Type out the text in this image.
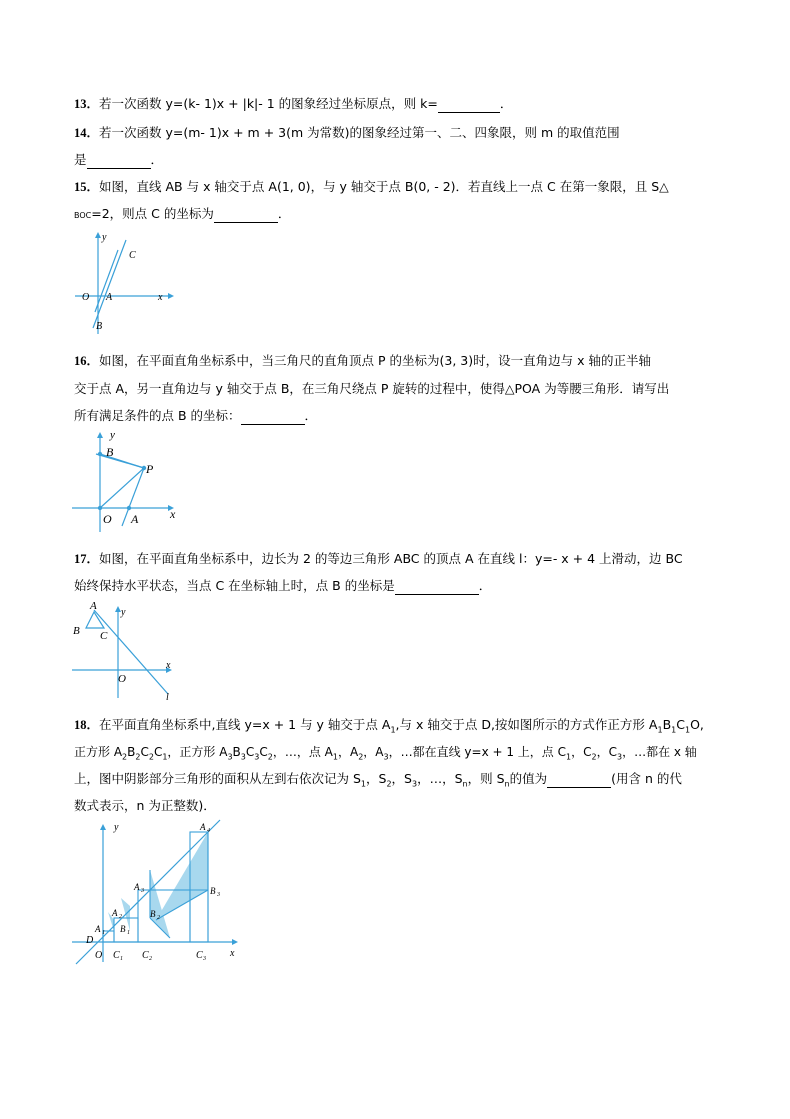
13．若一次函数 y=(k- 1)x + |k|- 1 的图象经过坐标原点，则 k=	．
14．若一次函数 y=(m- 1)x + m + 3(m 为常数)的图象经过第一、二、四象限，则 m 的取值范围
是	．
15．如图，直线 AB 与 x 轴交于点 A(1, 0)，与 y 轴交于点 B(0, - 2)．若直线上一点 C 在第一象限，且 S△
BOC=2，则点 C 的坐标为	．
y
C
O A	x
B
16．如图，在平面直角坐标系中，当三角尺的直角顶点 P 的坐标为(3, 3)时，设一直角边与 x 轴的正半轴
交于点 A，另一直角边与 y 轴交于点 B，在三角尺绕点 P 旋转的过程中，使得△POA 为等腰三角形．请写出
所有满足条件的点 B 的坐标：	．
y
B
P
O A	x
17．如图，在平面直角坐标系中，边长为 2 的等边三角形 ABC 的顶点 A 在直线 l：y=- x + 4 上滑动，边 BC
始终保持水平状态，当点 C 在坐标轴上时，点 B 的坐标是	．
A
y
B C
x
O
l
18．在平面直角坐标系中,直线 y=x + 1 与 y 轴交于点 $A_1$,与 x 轴交于点 D,按如图所示的方式作正方形 $A_1B_1C_1O$,
正方形 $A_2B_2C_2C_1$，正方形 $A_3B_3C_3C_2$，…，点 $A_1$，$A_2$，$A_3$，…都在直线 y=x + 1 上，点 $C_1$，$C_2$，$C_3$，…都在 x 轴
上，图中阴影部分三角形的面积从左到右依次记为 $S_1$，$S_2$，$S_3$，…，$S_n$，则 $S_n$的值为	(用含 n 的代
数式表示，n 为正整数)．
y	A 4
A 3	B 3
A 2	B 2
A 1 B 1
D
O C 1 C 2	C 3 x
